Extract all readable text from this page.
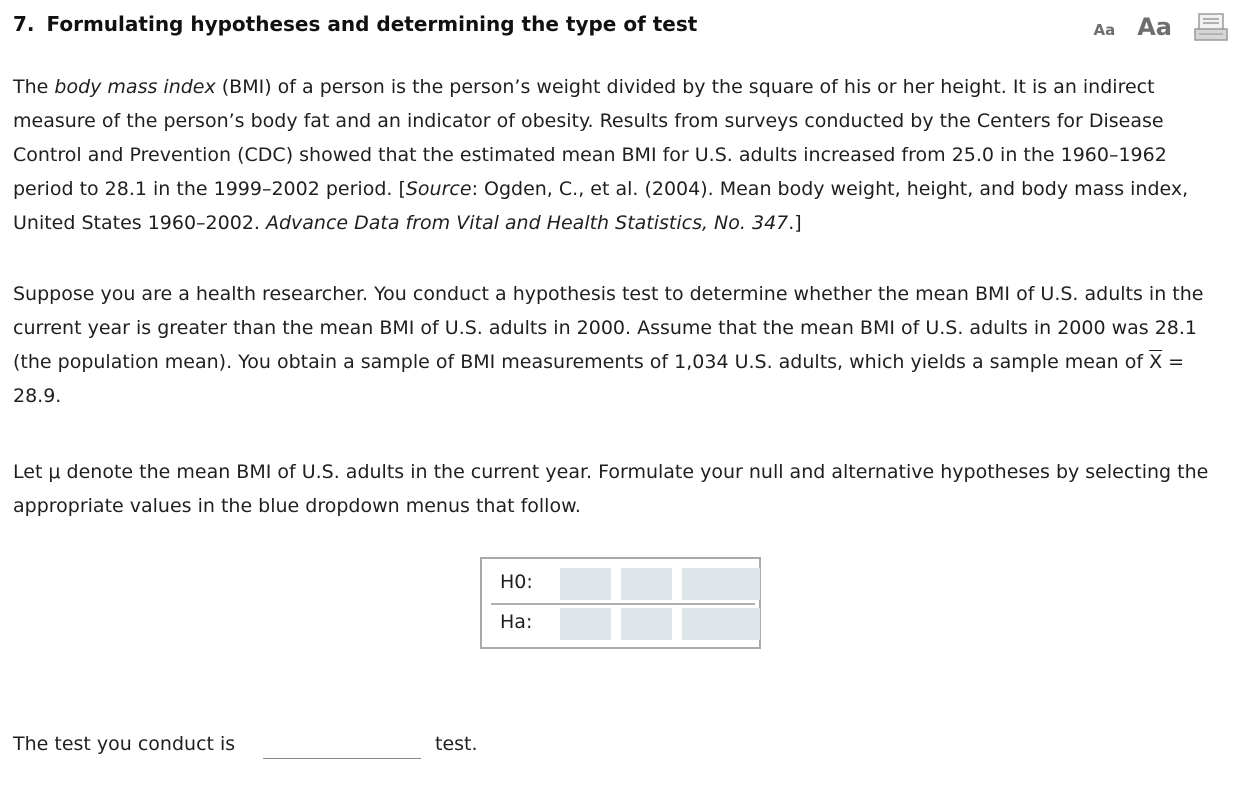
7. Formulating hypotheses and determining the type of test	Aa Aa

The body mass index (BMI) of a person is the person’s weight divided by the square of his or her height. It is an indirect measure of the person’s body fat and an indicator of obesity. Results from surveys conducted by the Centers for Disease Control and Prevention (CDC) showed that the estimated mean BMI for U.S. adults increased from 25.0 in the 1960–1962 period to 28.1 in the 1999–2002 period. [Source: Ogden, C., et al. (2004). Mean body weight, height, and body mass index, United States 1960–2002. Advance Data from Vital and Health Statistics, No. 347.]

Suppose you are a health researcher. You conduct a hypothesis test to determine whether the mean BMI of U.S. adults in the current year is greater than the mean BMI of U.S. adults in 2000. Assume that the mean BMI of U.S. adults in 2000 was 28.1 (the population mean). You obtain a sample of BMI measurements of 1,034 U.S. adults, which yields a sample mean of $\overline{X} = 28.9$.

Let μ denote the mean BMI of U.S. adults in the current year. Formulate your null and alternative hypotheses by selecting the appropriate values in the blue dropdown menus that follow.

H0:
Ha:

The test you conduct is	test.
